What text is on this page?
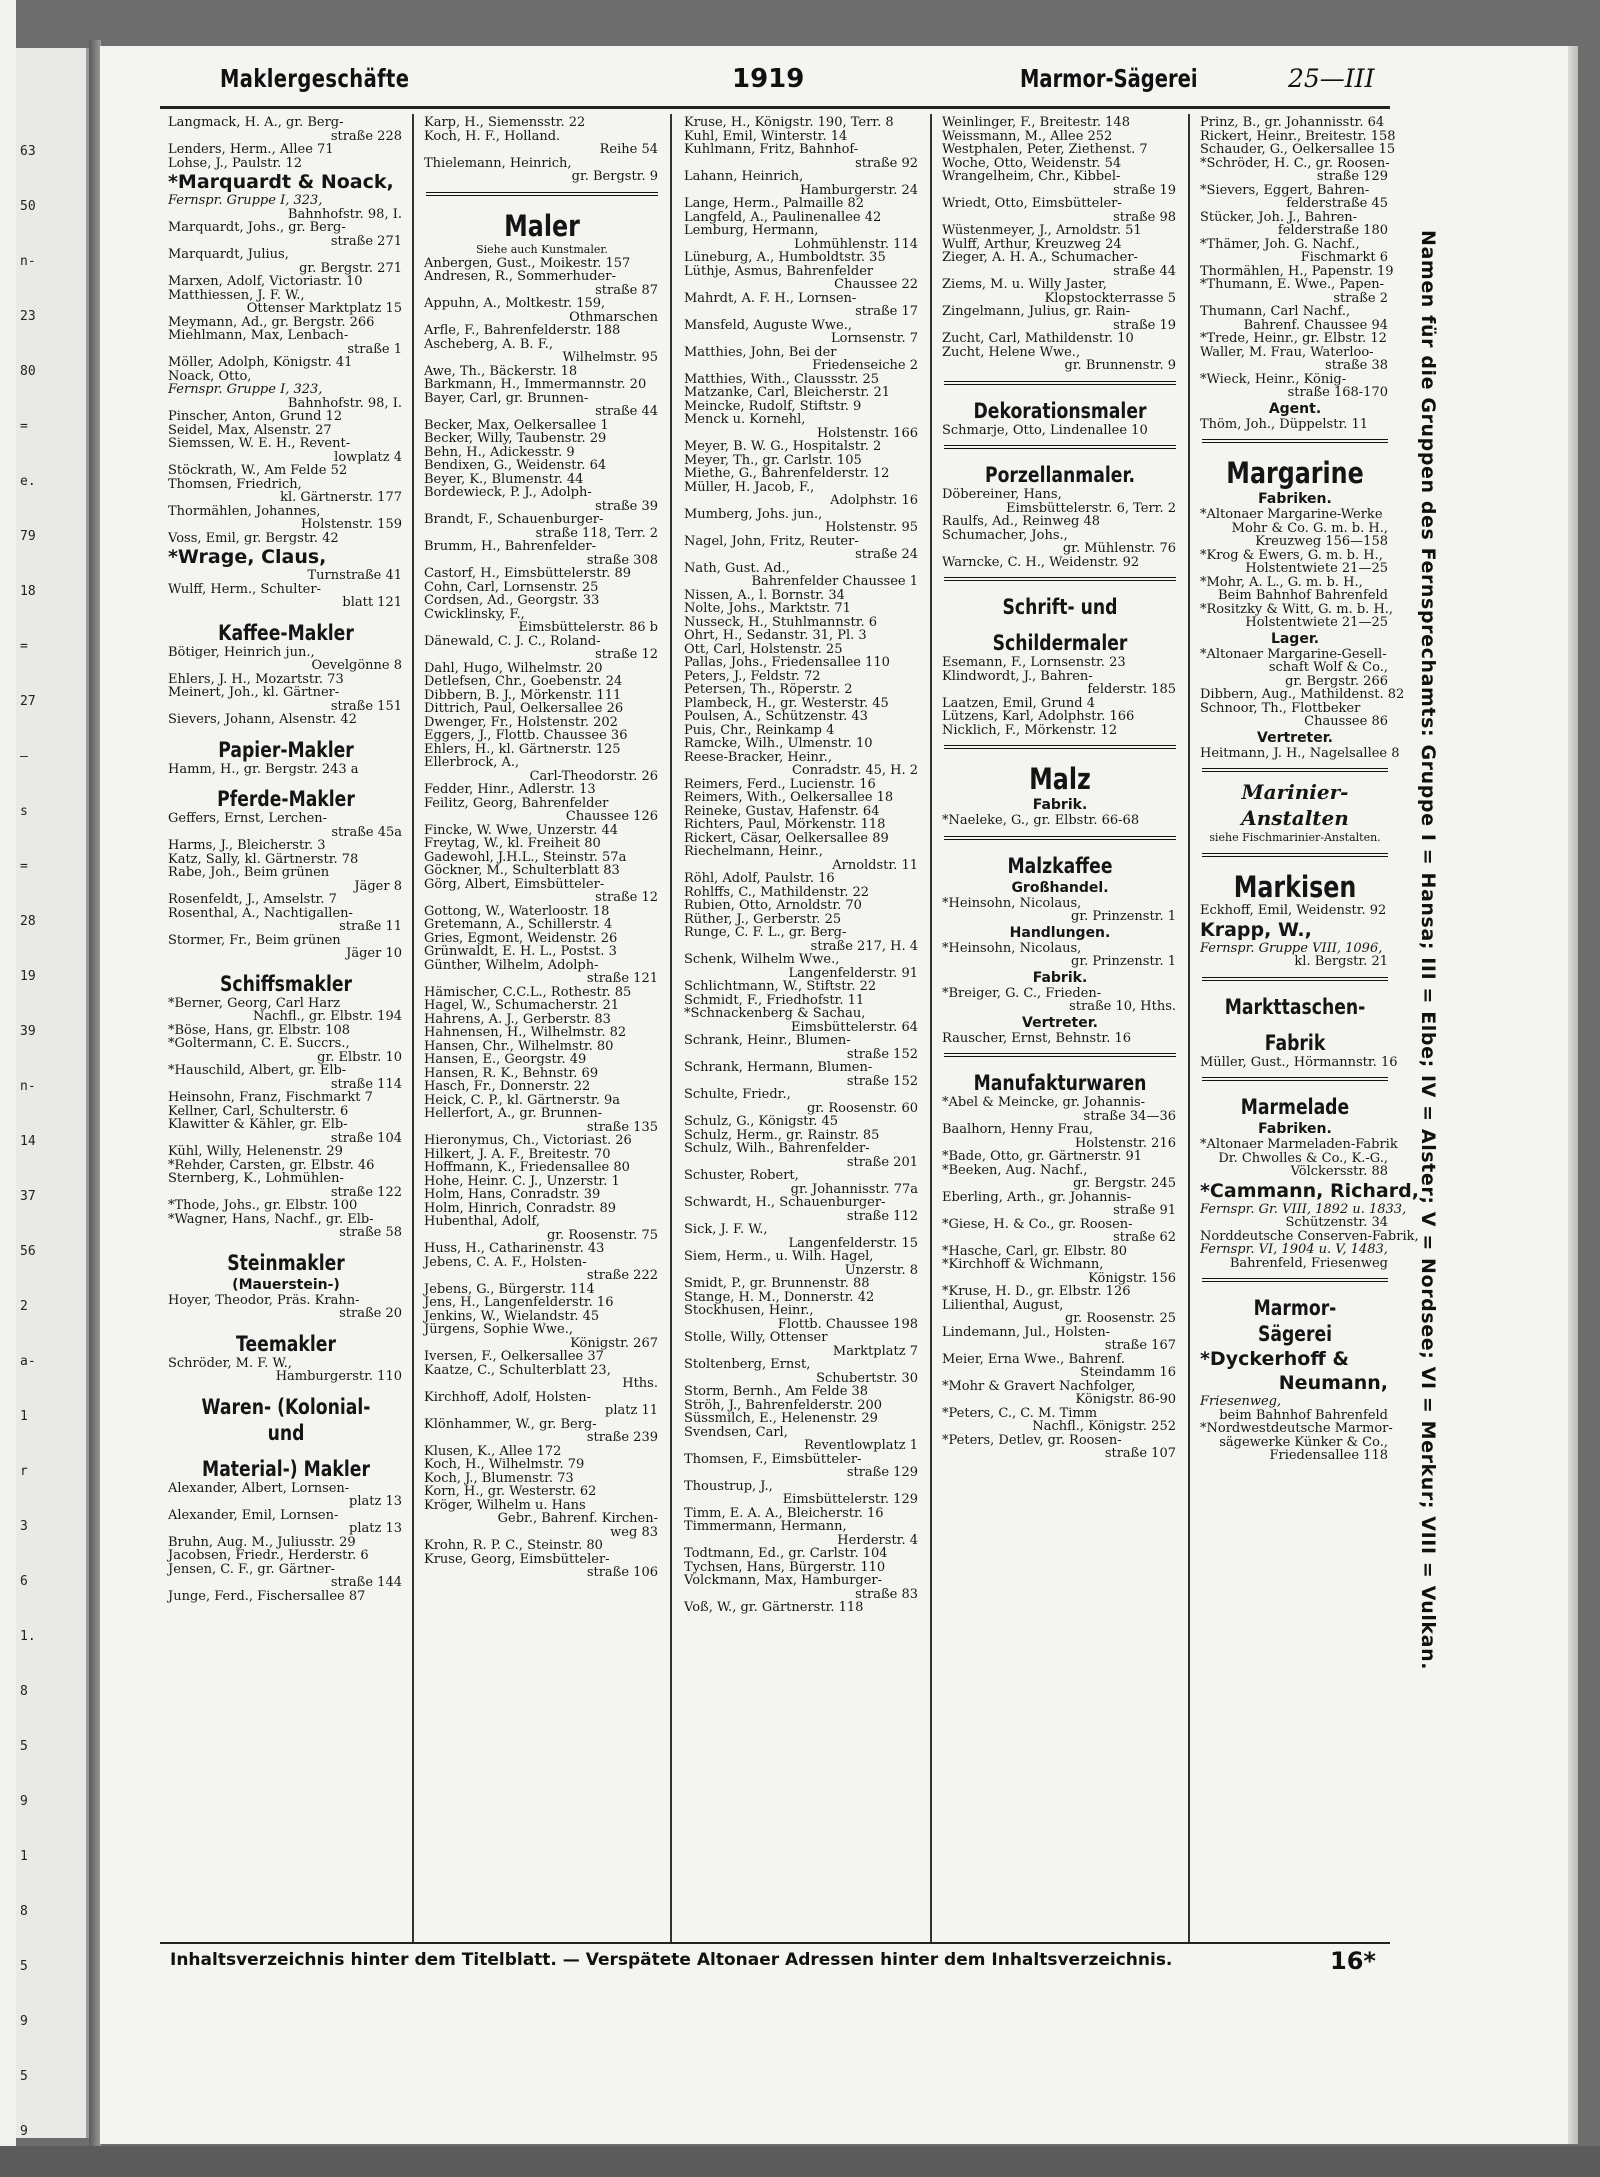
63
50
n-
23
80
=
e.
79
18
=
27
—
s
=
28
19
39
n-
14
37
56
2
a-
1
r
3
6
1.
8
5
9
1
8
5
9
5
9
Maklergeschäfte	1919	Marmor-Sägerei	25—III
Langmack, H. A., gr. Berg-
straße 228
Lenders, Herm., Allee 71
Lohse, J., Paulstr. 12
*Marquardt & Noack,
Fernspr. Gruppe I, 323,
Bahnhofstr. 98, I.
Marquardt, Johs., gr. Berg-
straße 271
Marquardt, Julius,
gr. Bergstr. 271
Marxen, Adolf, Victoriastr. 10
Matthiessen, J. F. W.,
Ottenser Marktplatz 15
Meymann, Ad., gr. Bergstr. 266
Miehlmann, Max, Lenbach-
straße 1
Möller, Adolph, Königstr. 41
Noack, Otto,
Fernspr. Gruppe I, 323,
Bahnhofstr. 98, I.
Pinscher, Anton, Grund 12
Seidel, Max, Alsenstr. 27
Siemssen, W. E. H., Revent-
lowplatz 4
Stöckrath, W., Am Felde 52
Thomsen, Friedrich,
kl. Gärtnerstr. 177
Thormählen, Johannes,
Holstenstr. 159
Voss, Emil, gr. Bergstr. 42
*Wrage, Claus,
Turnstraße 41
Wulff, Herm., Schulter-
blatt 121
Kaffee-Makler
Bötiger, Heinrich jun.,
Oevelgönne 8
Ehlers, J. H., Mozartstr. 73
Meinert, Joh., kl. Gärtner-
straße 151
Sievers, Johann, Alsenstr. 42
Papier-Makler
Hamm, H., gr. Bergstr. 243 a
Pferde-Makler
Geffers, Ernst, Lerchen-
straße 45a
Harms, J., Bleicherstr. 3
Katz, Sally, kl. Gärtnerstr. 78
Rabe, Joh., Beim grünen
Jäger 8
Rosenfeldt, J., Amselstr. 7
Rosenthal, A., Nachtigallen-
straße 11
Stormer, Fr., Beim grünen
Jäger 10
Schiffsmakler
*Berner, Georg, Carl Harz
Nachfl., gr. Elbstr. 194
*Böse, Hans, gr. Elbstr. 108
*Goltermann, C. E. Succrs.,
gr. Elbstr. 10
*Hauschild, Albert, gr. Elb-
straße 114
Heinsohn, Franz, Fischmarkt 7
Kellner, Carl, Schulterstr. 6
Klawitter & Kähler, gr. Elb-
straße 104
Kühl, Willy, Helenenstr. 29
*Rehder, Carsten, gr. Elbstr. 46
Sternberg, K., Lohmühlen-
straße 122
*Thode, Johs., gr. Elbstr. 100
*Wagner, Hans, Nachf., gr. Elb-
straße 58
Steinmakler
(Mauerstein-)
Hoyer, Theodor, Präs. Krahn-
straße 20
Teemakler
Schröder, M. F. W.,
Hamburgerstr. 110
Waren- (Kolonial- und
Material-) Makler
Alexander, Albert, Lornsen-
platz 13
Alexander, Emil, Lornsen-
platz 13
Bruhn, Aug. M., Juliusstr. 29
Jacobsen, Friedr., Herderstr. 6
Jensen, C. F., gr. Gärtner-
straße 144
Junge, Ferd., Fischersallee 87
Karp, H., Siemensstr. 22
Koch, H. F., Holland.
Reihe 54
Thielemann, Heinrich,
gr. Bergstr. 9
Maler
Siehe auch Kunstmaler.
Anbergen, Gust., Moikestr. 157
Andresen, R., Sommerhuder-
straße 87
Appuhn, A., Moltkestr. 159,
Othmarschen
Arfle, F., Bahrenfelderstr. 188
Ascheberg, A. B. F.,
Wilhelmstr. 95
Awe, Th., Bäckerstr. 18
Barkmann, H., Immermannstr. 20
Bayer, Carl, gr. Brunnen-
straße 44
Becker, Max, Oelkersallee 1
Becker, Willy, Taubenstr. 29
Behn, H., Adickesstr. 9
Bendixen, G., Weidenstr. 64
Beyer, K., Blumenstr. 44
Bordewieck, P. J., Adolph-
straße 39
Brandt, F., Schauenburger-
straße 118, Terr. 2
Brumm, H., Bahrenfelder-
straße 308
Castorf, H., Eimsbüttelerstr. 89
Cohn, Carl, Lornsenstr. 25
Cordsen, Ad., Georgstr. 33
Cwicklinsky, F.,
Eimsbüttelerstr. 86 b
Dänewald, C. J. C., Roland-
straße 12
Dahl, Hugo, Wilhelmstr. 20
Detlefsen, Chr., Goebenstr. 24
Dibbern, B. J., Mörkenstr. 111
Dittrich, Paul, Oelkersallee 26
Dwenger, Fr., Holstenstr. 202
Eggers, J., Flottb. Chaussee 36
Ehlers, H., kl. Gärtnerstr. 125
Ellerbrock, A.,
Carl-Theodorstr. 26
Fedder, Hinr., Adlerstr. 13
Feilitz, Georg, Bahrenfelder
Chaussee 126
Fincke, W. Wwe, Unzerstr. 44
Freytag, W., kl. Freiheit 80
Gadewohl, J.H.L., Steinstr. 57a
Göckner, M., Schulterblatt 83
Görg, Albert, Eimsbütteler-
straße 12
Gottong, W., Waterloostr. 18
Gretemann, A., Schillerstr. 4
Gries, Egmont, Weidenstr. 26
Grünwaldt, E. H. L., Postst. 3
Günther, Wilhelm, Adolph-
straße 121
Hämischer, C.C.L., Rothestr. 85
Hagel, W., Schumacherstr. 21
Hahrens, A. J., Gerberstr. 83
Hahnensen, H., Wilhelmstr. 82
Hansen, Chr., Wilhelmstr. 80
Hansen, E., Georgstr. 49
Hansen, R. K., Behnstr. 69
Hasch, Fr., Donnerstr. 22
Heick, C. P., kl. Gärtnerstr. 9a
Hellerfort, A., gr. Brunnen-
straße 135
Hieronymus, Ch., Victoriast. 26
Hilkert, J. A. F., Breitestr. 70
Hoffmann, K., Friedensallee 80
Hohe, Heinr. C. J., Unzerstr. 1
Holm, Hans, Conradstr. 39
Holm, Hinrich, Conradstr. 89
Hubenthal, Adolf,
gr. Roosenstr. 75
Huss, H., Catharinenstr. 43
Jebens, C. A. F., Holsten-
straße 222
Jebens, G., Bürgerstr. 114
Jens, H., Langenfelderstr. 16
Jenkins, W., Wielandstr. 45
Jürgens, Sophie Wwe.,
Königstr. 267
Iversen, F., Oelkersallee 37
Kaatze, C., Schulterblatt 23,
Hths.
Kirchhoff, Adolf, Holsten-
platz 11
Klönhammer, W., gr. Berg-
straße 239
Klusen, K., Allee 172
Koch, H., Wilhelmstr. 79
Koch, J., Blumenstr. 73
Korn, H., gr. Westerstr. 62
Kröger, Wilhelm u. Hans
Gebr., Bahrenf. Kirchen-
weg 83
Krohn, R. P. C., Steinstr. 80
Kruse, Georg, Eimsbütteler-
straße 106
Kruse, H., Königstr. 190, Terr. 8
Kuhl, Emil, Winterstr. 14
Kuhlmann, Fritz, Bahnhof-
straße 92
Lahann, Heinrich,
Hamburgerstr. 24
Lange, Herm., Palmaille 82
Langfeld, A., Paulinenallee 42
Lemburg, Hermann,
Lohmühlenstr. 114
Lüneburg, A., Humboldtstr. 35
Lüthje, Asmus, Bahrenfelder
Chaussee 22
Mahrdt, A. F. H., Lornsen-
straße 17
Mansfeld, Auguste Wwe.,
Lornsenstr. 7
Matthies, John, Bei der
Friedenseiche 2
Matthies, With., Claussstr. 25
Matzanke, Carl, Bleicherstr. 21
Meincke, Rudolf, Stiftstr. 9
Menck u. Kornehl,
Holstenstr. 166
Meyer, B. W. G., Hospitalstr. 2
Meyer, Th., gr. Carlstr. 105
Miethe, G., Bahrenfelderstr. 12
Müller, H. Jacob, F.,
Adolphstr. 16
Mumberg, Johs. jun.,
Holstenstr. 95
Nagel, John, Fritz, Reuter-
straße 24
Nath, Gust. Ad.,
Bahrenfelder Chaussee 1
Nissen, A., l. Bornstr. 34
Nolte, Johs., Marktstr. 71
Nusseck, H., Stuhlmannstr. 6
Ohrt, H., Sedanstr. 31, Pl. 3
Ott, Carl, Holstenstr. 25
Pallas, Johs., Friedensallee 110
Peters, J., Feldstr. 72
Petersen, Th., Röperstr. 2
Plambeck, H., gr. Westerstr. 45
Poulsen, A., Schützenstr. 43
Puis, Chr., Reinkamp 4
Ramcke, Wilh., Ulmenstr. 10
Reese-Bracker, Heinr.,
Conradstr. 45, H. 2
Reimers, Ferd., Lucienstr. 16
Reimers, With., Oelkersallee 18
Reineke, Gustav, Hafenstr. 64
Richters, Paul, Mörkenstr. 118
Rickert, Cäsar, Oelkersallee 89
Riechelmann, Heinr.,
Arnoldstr. 11
Röhl, Adolf, Paulstr. 16
Rohlffs, C., Mathildenstr. 22
Rubien, Otto, Arnoldstr. 70
Rüther, J., Gerberstr. 25
Runge, C. F. L., gr. Berg-
straße 217, H. 4
Schenk, Wilhelm Wwe.,
Langenfelderstr. 91
Schlichtmann, W., Stiftstr. 22
Schmidt, F., Friedhofstr. 11
*Schnackenberg & Sachau,
Eimsbüttelerstr. 64
Schrank, Heinr., Blumen-
straße 152
Schrank, Hermann, Blumen-
straße 152
Schulte, Friedr.,
gr. Roosenstr. 60
Schulz, G., Königstr. 45
Schulz, Herm., gr. Rainstr. 85
Schulz, Wilh., Bahrenfelder-
straße 201
Schuster, Robert,
gr. Johannisstr. 77a
Schwardt, H., Schauenburger-
straße 112
Sick, J. F. W.,
Langenfelderstr. 15
Siem, Herm., u. Wilh. Hagel,
Unzerstr. 8
Smidt, P., gr. Brunnenstr. 88
Stange, H. M., Donnerstr. 42
Stockhusen, Heinr.,
Flottb. Chaussee 198
Stolle, Willy, Ottenser
Marktplatz 7
Stoltenberg, Ernst,
Schubertstr. 30
Storm, Bernh., Am Felde 38
Ströh, J., Bahrenfelderstr. 200
Süssmilch, E., Helenenstr. 29
Svendsen, Carl,
Reventlowplatz 1
Thomsen, F., Eimsbütteler-
straße 129
Thoustrup, J.,
Eimsbüttelerstr. 129
Timm, E. A. A., Bleicherstr. 16
Timmermann, Hermann,
Herderstr. 4
Todtmann, Ed., gr. Carlstr. 104
Tychsen, Hans, Bürgerstr. 110
Volckmann, Max, Hamburger-
straße 83
Voß, W., gr. Gärtnerstr. 118
Weinlinger, F., Breitestr. 148
Weissmann, M., Allee 252
Westphalen, Peter, Ziethenst. 7
Woche, Otto, Weidenstr. 54
Wrangelheim, Chr., Kibbel-
straße 19
Wriedt, Otto, Eimsbütteler-
straße 98
Wüstenmeyer, J., Arnoldstr. 51
Wulff, Arthur, Kreuzweg 24
Zieger, A. H. A., Schumacher-
straße 44
Ziems, M. u. Willy Jaster,
Klopstockterrasse 5
Zingelmann, Julius, gr. Rain-
straße 19
Zucht, Carl, Mathildenstr. 10
Zucht, Helene Wwe.,
gr. Brunnenstr. 9
Dekorationsmaler
Schmarje, Otto, Lindenallee 10
Porzellanmaler.
Döbereiner, Hans,
Eimsbüttelerstr. 6, Terr. 2
Raulfs, Ad., Reinweg 48
Schumacher, Johs.,
gr. Mühlenstr. 76
Warncke, C. H., Weidenstr. 92
Schrift- und
Schildermaler
Esemann, F., Lornsenstr. 23
Klindwordt, J., Bahren-
felderstr. 185
Laatzen, Emil, Grund 4
Lützens, Karl, Adolphstr. 166
Nicklich, F., Mörkenstr. 12
Malz
Fabrik.
*Naeleke, G., gr. Elbstr. 66-68
Malzkaffee
Großhandel.
*Heinsohn, Nicolaus,
gr. Prinzenstr. 1
Handlungen.
*Heinsohn, Nicolaus,
gr. Prinzenstr. 1
Fabrik.
*Breiger, G. C., Frieden-
straße 10, Hths.
Vertreter.
Rauscher, Ernst, Behnstr. 16
Manufakturwaren
*Abel & Meincke, gr. Johannis-
straße 34—36
Baalhorn, Henny Frau,
Holstenstr. 216
*Bade, Otto, gr. Gärtnerstr. 91
*Beeken, Aug. Nachf.,
gr. Bergstr. 245
Eberling, Arth., gr. Johannis-
straße 91
*Giese, H. & Co., gr. Roosen-
straße 62
*Hasche, Carl, gr. Elbstr. 80
*Kirchhoff & Wichmann,
Königstr. 156
*Kruse, H. D., gr. Elbstr. 126
Lilienthal, August,
gr. Roosenstr. 25
Lindemann, Jul., Holsten-
straße 167
Meier, Erna Wwe., Bahrenf.
Steindamm 16
*Mohr & Gravert Nachfolger,
Königstr. 86-90
*Peters, C., C. M. Timm
Nachfl., Königstr. 252
*Peters, Detlev, gr. Roosen-
straße 107
Prinz, B., gr. Johannisstr. 64
Rickert, Heinr., Breitestr. 158
Schauder, G., Oelkersallee 15
*Schröder, H. C., gr. Roosen-
straße 129
*Sievers, Eggert, Bahren-
felderstraße 45
Stücker, Joh. J., Bahren-
felderstraße 180
*Thämer, Joh. G. Nachf.,
Fischmarkt 6
Thormählen, H., Papenstr. 19
*Thumann, E. Wwe., Papen-
straße 2
Thumann, Carl Nachf.,
Bahrenf. Chaussee 94
*Trede, Heinr., gr. Elbstr. 12
Waller, M. Frau, Waterloo-
straße 38
*Wieck, Heinr., König-
straße 168-170
Agent.
Thöm, Joh., Düppelstr. 11
Margarine
Fabriken.
*Altonaer Margarine-Werke
Mohr & Co. G. m. b. H.,
Kreuzweg 156—158
*Krog & Ewers, G. m. b. H.,
Holstentwiete 21—25
*Mohr, A. L., G. m. b. H.,
Beim Bahnhof Bahrenfeld
*Rositzky & Witt, G. m. b. H.,
Holstentwiete 21—25
Lager.
*Altonaer Margarine-Gesell-
schaft Wolf & Co.,
gr. Bergstr. 266
Dibbern, Aug., Mathildenst. 82
Schnoor, Th., Flottbeker
Chaussee 86
Vertreter.
Heitmann, J. H., Nagelsallee 8
Marinier-Anstalten
siehe Fischmarinier-Anstalten.
Markisen
Eckhoff, Emil, Weidenstr. 92
Krapp, W.,
Fernspr. Gruppe VIII, 1096,
kl. Bergstr. 21
Markttaschen-
Fabrik
Müller, Gust., Hörmannstr. 16
Marmelade
Fabriken.
*Altonaer Marmeladen-Fabrik
Dr. Chwolles & Co., K.-G.,
Völckersstr. 88
*Cammann, Richard,
Fernspr. Gr. VIII, 1892 u. 1833,
Schützenstr. 34
Norddeutsche Conserven-Fabrik,
Fernspr. VI, 1904 u. V, 1483,
Bahrenfeld, Friesenweg
Marmor-Sägerei
*Dyckerhoff &
Neumann,
Friesenweg,
beim Bahnhof Bahrenfeld
*Nordwestdeutsche Marmor-
sägewerke Künker & Co.,
Friedensallee 118	Namen für die Gruppen des Fernsprechamts: Gruppe I = Hansa; III = Elbe; IV = Alster; V = Nordsee; VI = Merkur; VIII = Vulkan.
Inhaltsverzeichnis hinter dem Titelblatt. — Verspätete Altonaer Adressen hinter dem Inhaltsverzeichnis.	16*
